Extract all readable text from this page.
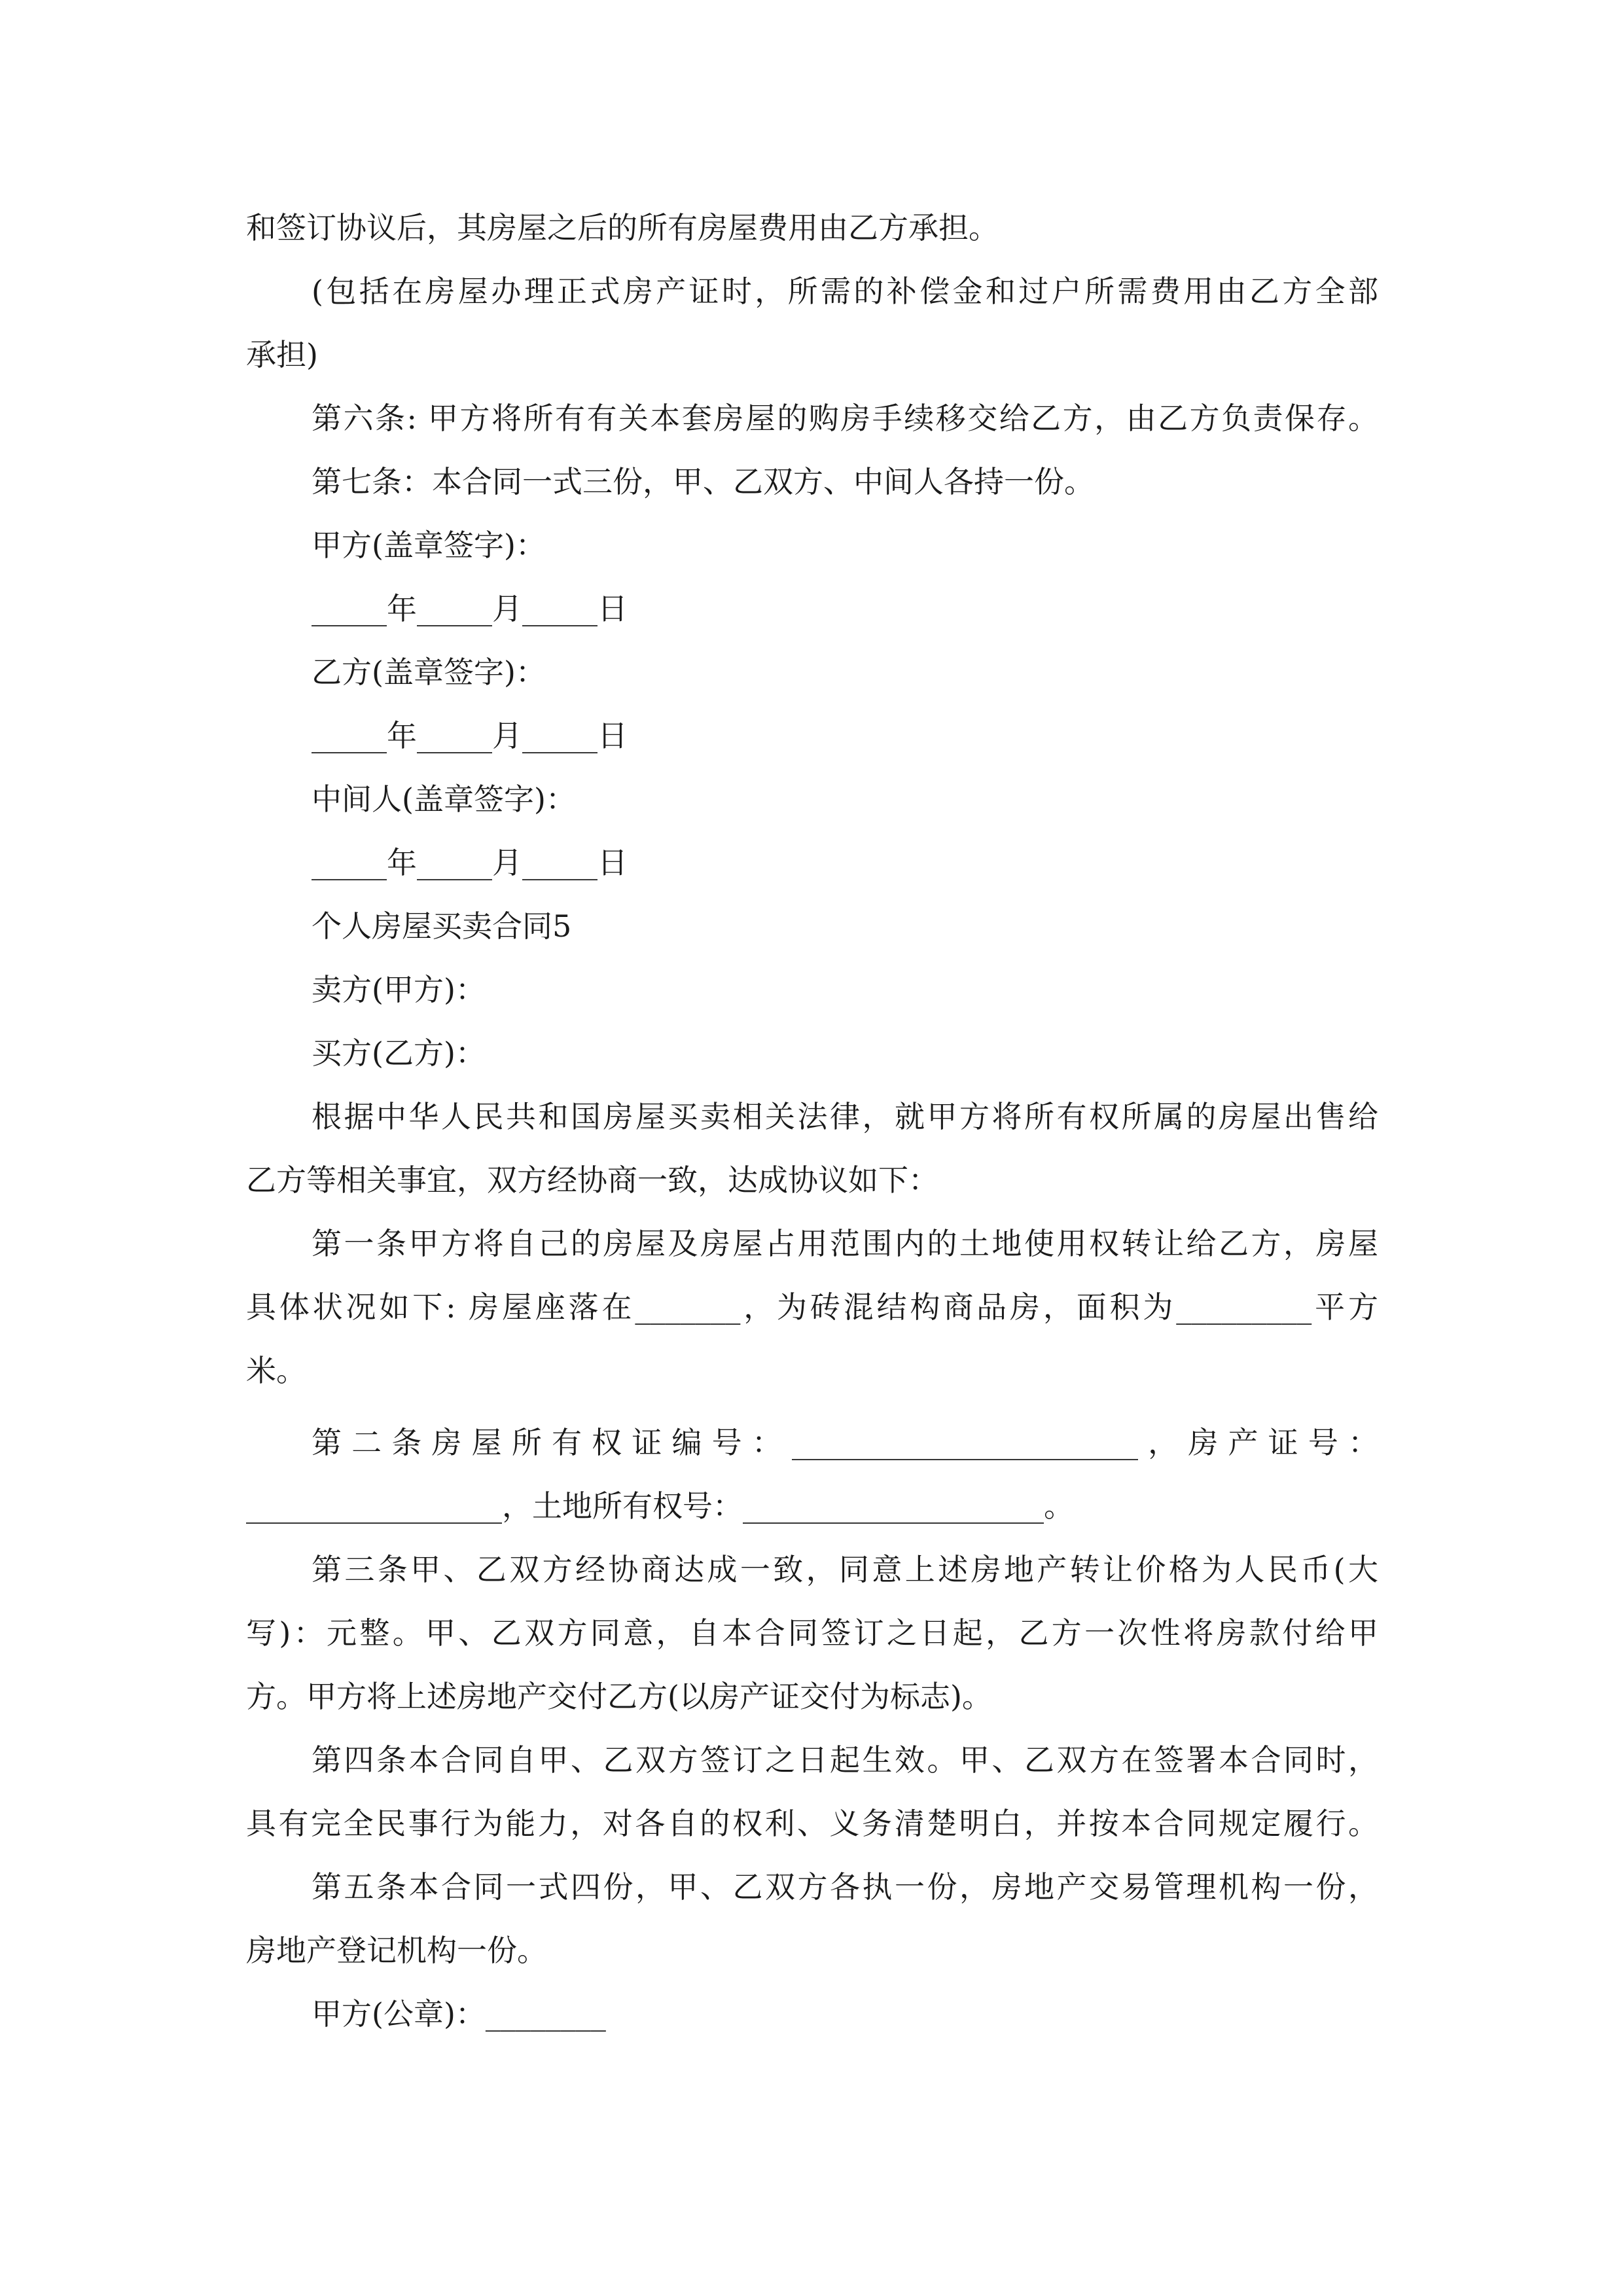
和签订协议后，其房屋之后的所有房屋费用由乙方承担。

(包括在房屋办理正式房产证时，所需的补偿金和过户所需费用由乙方全部

承担)

第六条: 甲方将所有有关本套房屋的购房手续移交给乙方，由乙方负责保存。

第七条：本合同一式三份，甲、乙双方、中间人各持一份。

甲方(盖章签字)：

_____年_____月_____日

乙方(盖章签字)：

_____年_____月_____日

中间人(盖章签字)：

_____年_____月_____日

个人房屋买卖合同5

卖方(甲方)：

买方(乙方)：

根据中华人民共和国房屋买卖相关法律，就甲方将所有权所属的房屋出售给

乙方等相关事宜，双方经协商一致，达成协议如下：

第一条甲方将自己的房屋及房屋占用范围内的土地使用权转让给乙方，房屋

具体状况如下: 房屋座落在_______，为砖混结构商品房，面积为_________平方

米。

第二条房屋所有权证编号：_______________________，房产证号：

_________________，土地所有权号：____________________。

第三条甲、乙双方经协商达成一致，同意上述房地产转让价格为人民币(大

写)：元整。甲、乙双方同意，自本合同签订之日起，乙方一次性将房款付给甲

方。甲方将上述房地产交付乙方(以房产证交付为标志)。

第四条本合同自甲、乙双方签订之日起生效。甲、乙双方在签署本合同时，

具有完全民事行为能力，对各自的权利、义务清楚明白，并按本合同规定履行。

第五条本合同一式四份，甲、乙双方各执一份，房地产交易管理机构一份，

房地产登记机构一份。

甲方(公章)：________
